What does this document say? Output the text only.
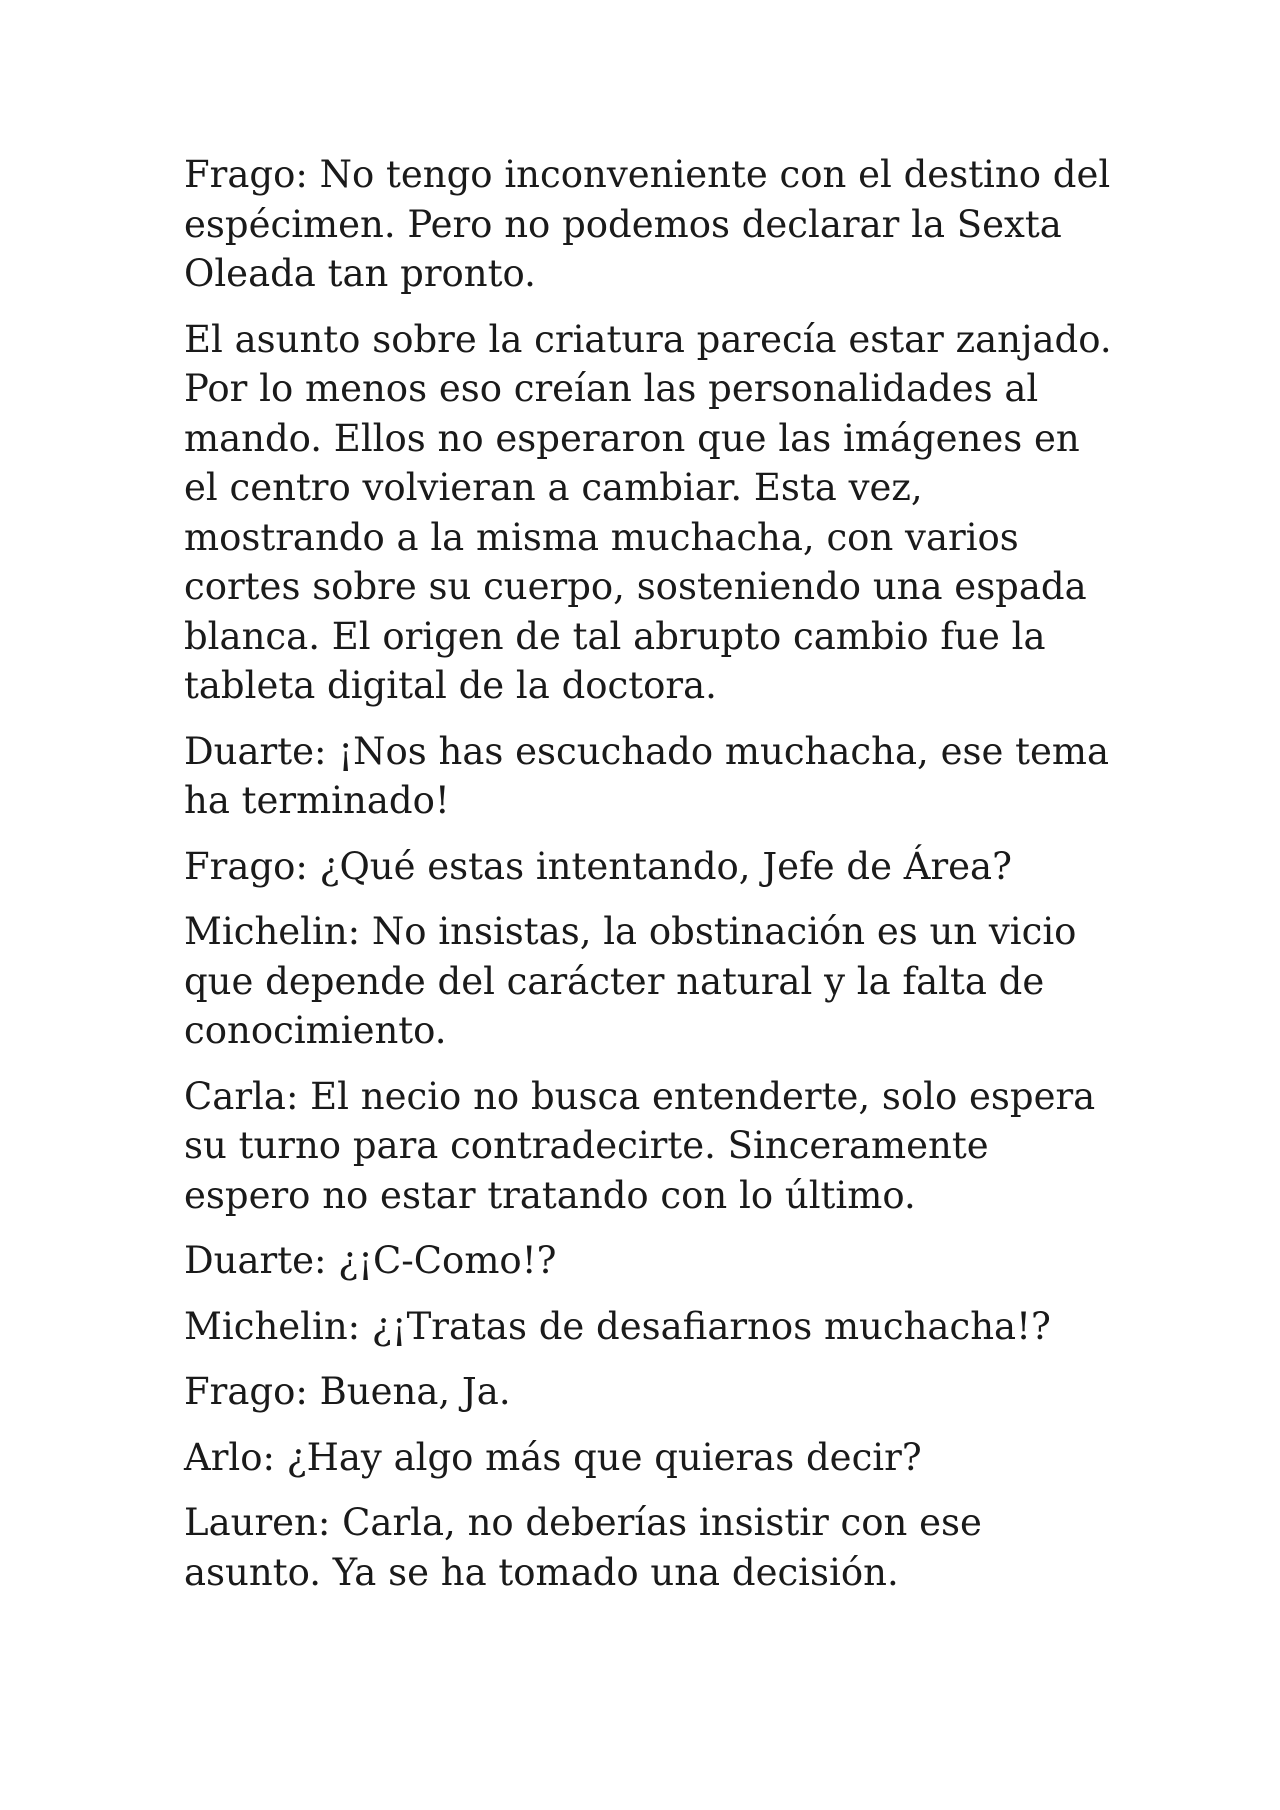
Frago: No tengo inconveniente con el destino del espécimen. Pero no podemos declarar la Sexta Oleada tan pronto.

El asunto sobre la criatura parecía estar zanjado. Por lo menos eso creían las personalidades al mando. Ellos no esperaron que las imágenes en el centro volvieran a cambiar. Esta vez, mostrando a la misma muchacha, con varios cortes sobre su cuerpo, sosteniendo una espada blanca. El origen de tal abrupto cambio fue la tableta digital de la doctora.

Duarte: ¡Nos has escuchado muchacha, ese tema ha terminado!

Frago: ¿Qué estas intentando, Jefe de Área?

Michelin: No insistas, la obstinación es un vicio que depende del carácter natural y la falta de conocimiento.

Carla: El necio no busca entenderte, solo espera su turno para contradecirte. Sinceramente espero no estar tratando con lo último.

Duarte: ¿¡C-Como!?

Michelin: ¿¡Tratas de desafiarnos muchacha!?

Frago: Buena, Ja.

Arlo: ¿Hay algo más que quieras decir?

Lauren: Carla, no deberías insistir con ese asunto. Ya se ha tomado una decisión.
